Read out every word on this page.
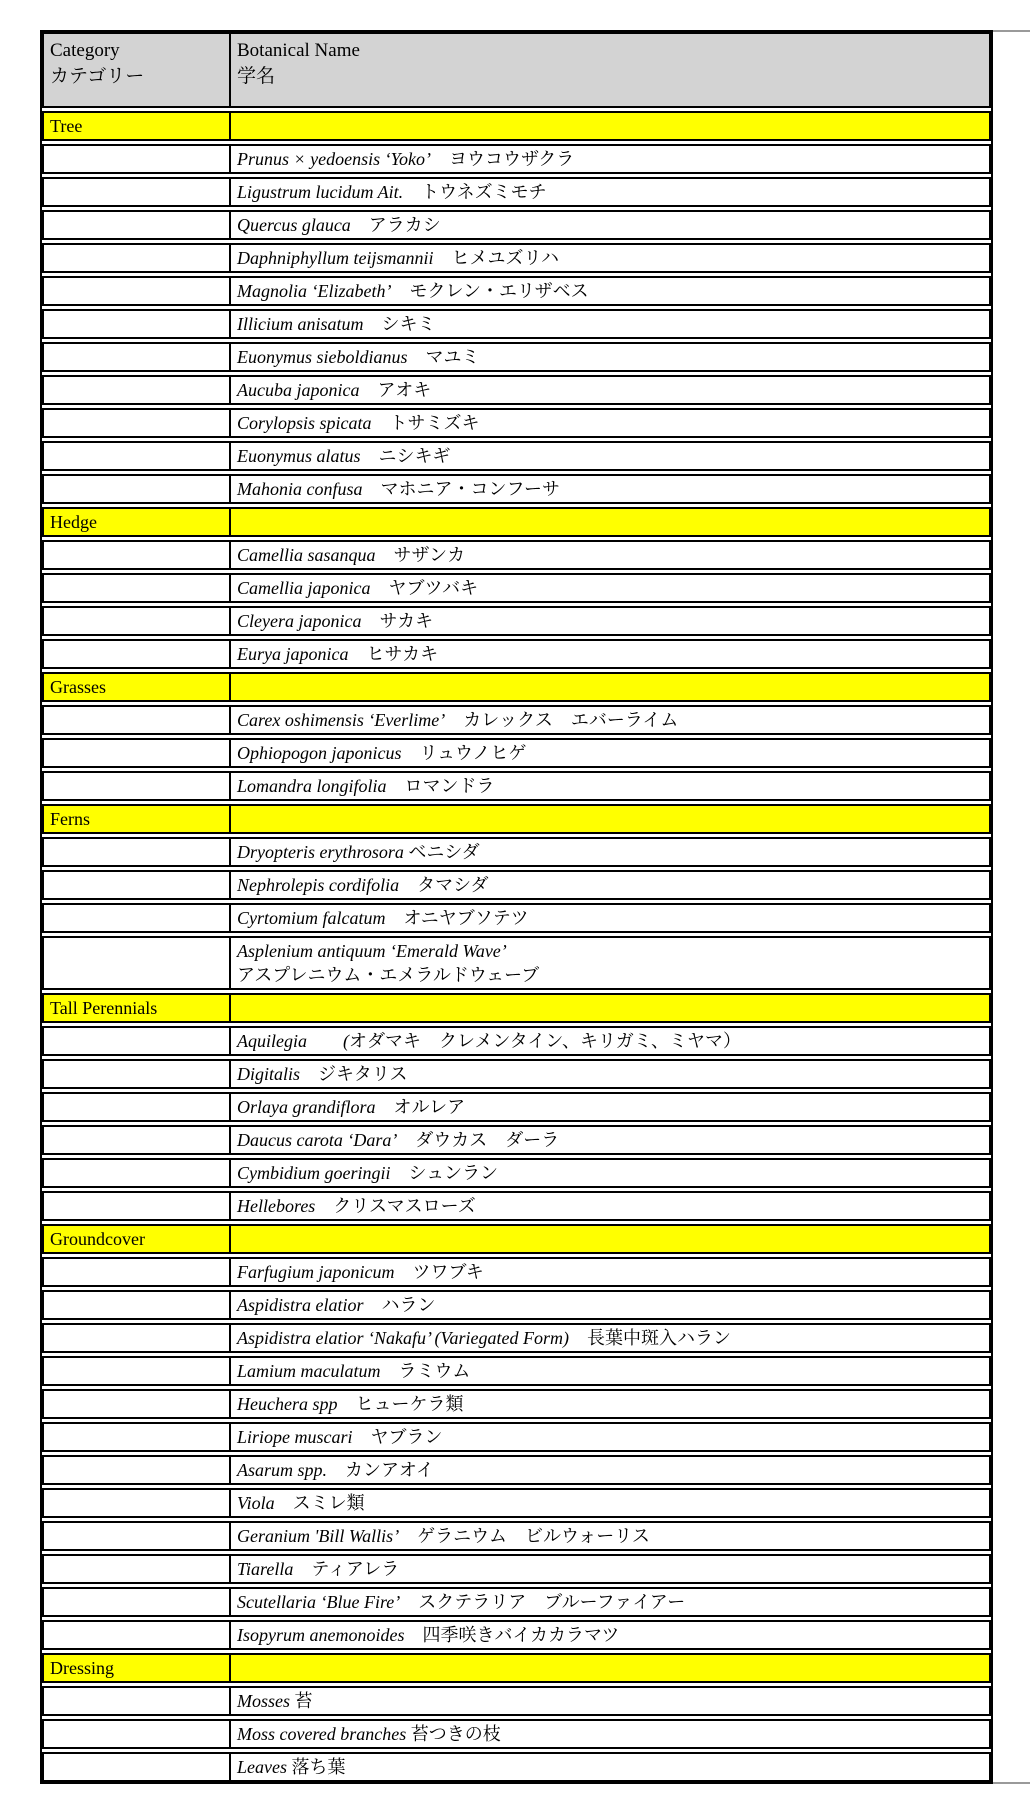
Category
カテゴリー

Botanical Name
学名

Tree	
	Prunus × yedoensis ‘Yoko’　ヨウコウザクラ
	Ligustrum lucidum Ait.　トウネズミモチ
	Quercus glauca　アラカシ
	Daphniphyllum teijsmannii　ヒメユズリハ
	Magnolia ‘Elizabeth’　モクレン・エリザベス
	Illicium anisatum　シキミ
	Euonymus sieboldianus　マユミ
	Aucuba japonica　アオキ
	Corylopsis spicata　トサミズキ
	Euonymus alatus　ニシキギ
	Mahonia confusa　マホニア・コンフーサ
Hedge	
	Camellia sasanqua　サザンカ
	Camellia japonica　ヤブツバキ
	Cleyera japonica　サカキ
	Eurya japonica　ヒサカキ
Grasses	
	Carex oshimensis ‘Everlime’　カレックス　エバーライム
	Ophiopogon japonicus　リュウノヒゲ
	Lomandra longifolia　ロマンドラ
Ferns	
	Dryopteris erythrosora ベニシダ
	Nephrolepis cordifolia　タマシダ
	Cyrtomium falcatum　オニヤブソテツ
	Asplenium antiquum ‘Emerald Wave’
アスプレニウム・エメラルドウェーブ
Tall Perennials	
	Aquilegia　　 (オダマキ　クレメンタイン、キリガミ、ミヤマ）
	Digitalis　ジキタリス
	Orlaya grandiflora　オルレア
	Daucus carota ‘Dara’　ダウカス　ダーラ
	Cymbidium goeringii　シュンラン
	Hellebores　クリスマスローズ
Groundcover	
	Farfugium japonicum　ツワブキ
	Aspidistra elatior　ハラン
	Aspidistra elatior ‘Nakafu’ (Variegated Form)　長葉中斑入ハラン
	Lamium maculatum　ラミウム
	Heuchera spp　ヒューケラ類
	Liriope muscari　ヤブラン
	Asarum spp.　カンアオイ
	Viola　スミレ類
	Geranium 'Bill Wallis’　ゲラニウム　ビルウォーリス
	Tiarella　ティアレラ
	Scutellaria ‘Blue Fire’　スクテラリア　ブルーファイアー
	Isopyrum anemonoides　四季咲きバイカカラマツ
Dressing	
	Mosses 苔
	Moss covered branches 苔つきの枝
	Leaves 落ち葉
